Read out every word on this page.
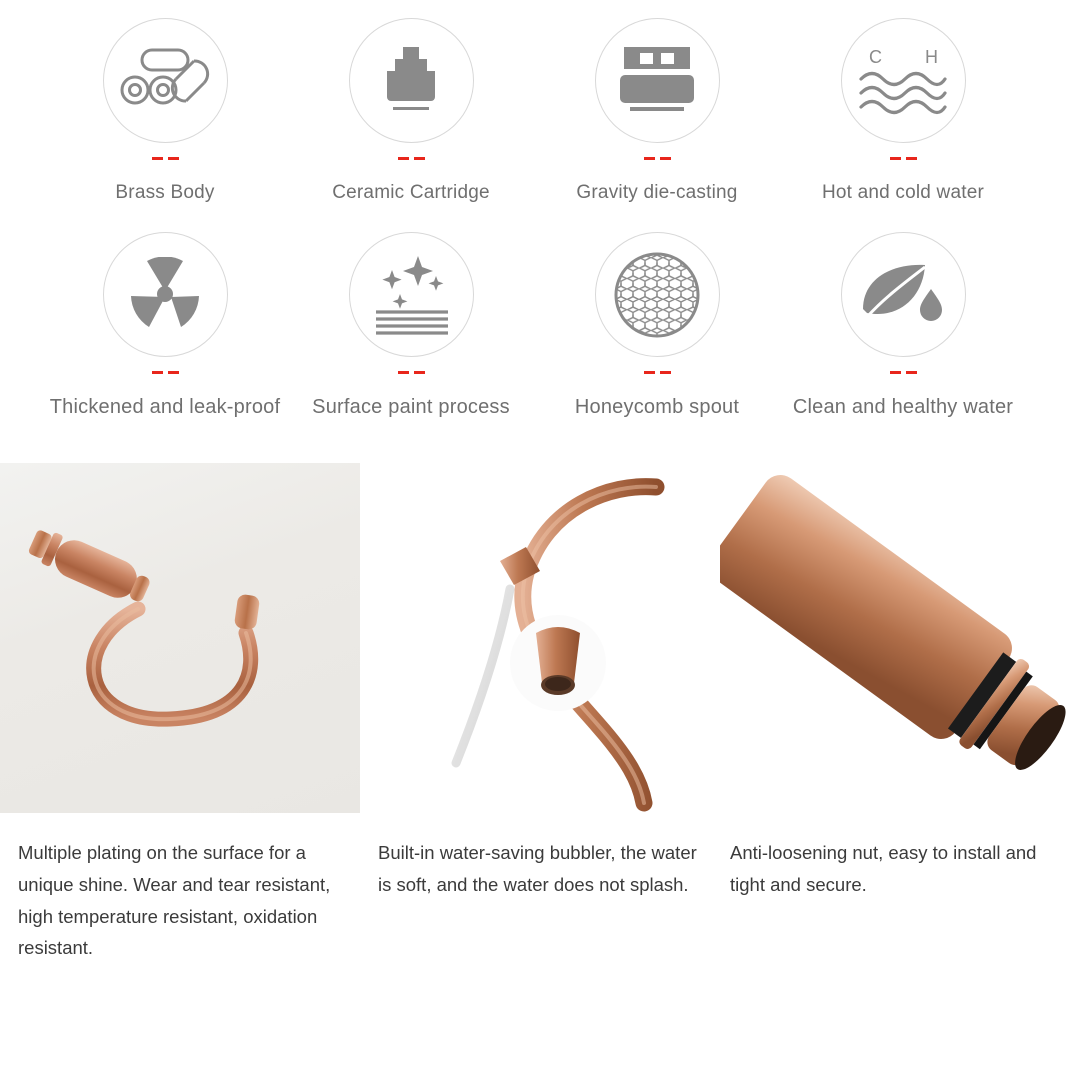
Brass Body	Ceramic Cartridge	Gravity die-casting
C H
Hot and cold water
Thickened and leak-proof Surface paint process	Honeycomb spout	Clean and healthy water
Multiple plating on the surface for a unique shine. Wear and tear resistant, high temperature resistant, oxidation resistant.
Built-in water-saving bubbler, the water is soft, and the water does not splash.
Anti-loosening nut, easy to install and tight and secure.
